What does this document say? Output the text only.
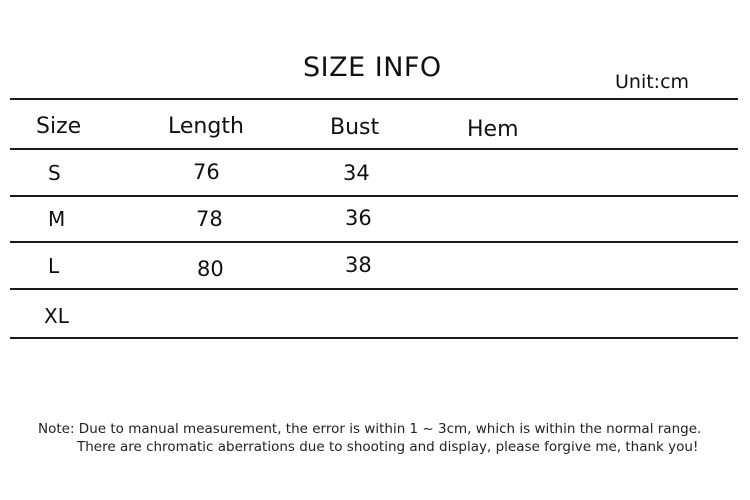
SIZE INFO	Unit:cm
Size	Length	Bust	Hem
S	76	34
M	78	36
L	80	38
XL
Note: Due to manual measurement, the error is within 1 ~ 3cm, which is within the normal range.
There are chromatic aberrations due to shooting and display, please forgive me, thank you!
